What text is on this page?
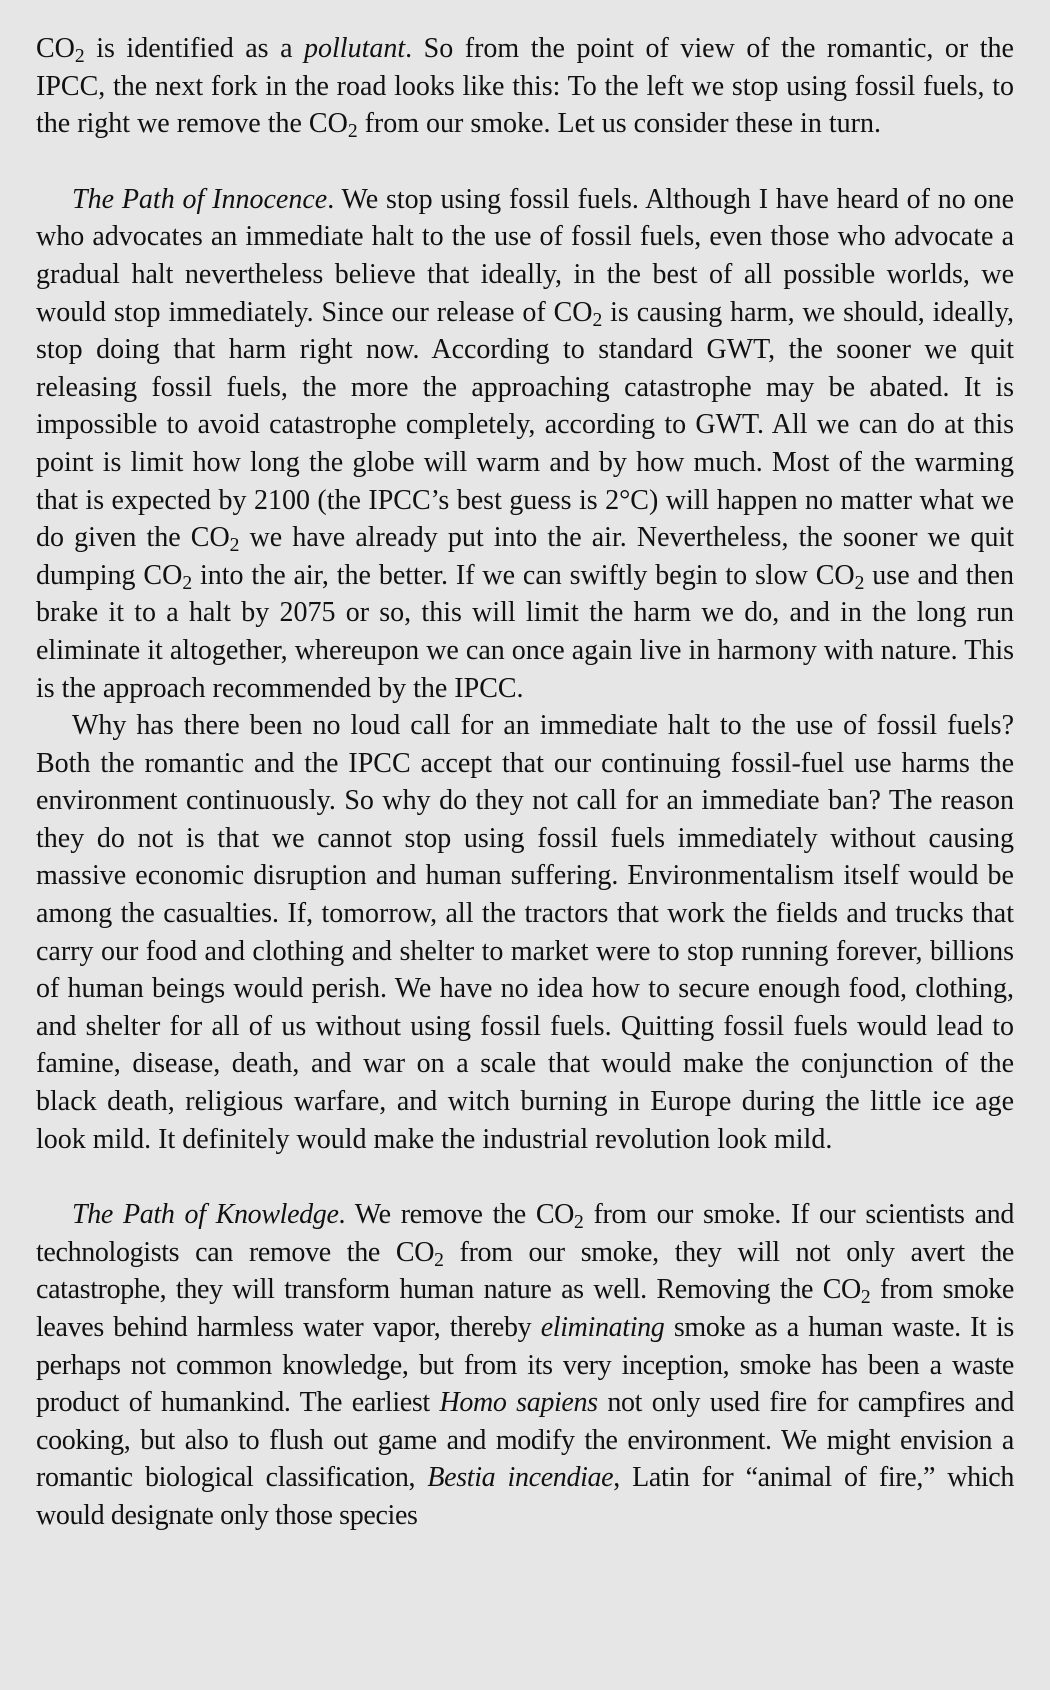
$CO_2$ is identified as a pollutant. So from the point of view of the romantic, or the IPCC, the next fork in the road looks like this: To the left we stop using fossil fuels, to the right we remove the $CO_2$ from our smoke. Let us consider these in turn.

The Path of Innocence. We stop using fossil fuels. Although I have heard of no one who advocates an immediate halt to the use of fossil fuels, even those who advocate a gradual halt nevertheless believe that ideally, in the best of all possible worlds, we would stop immediately. Since our release of $CO_2$ is causing harm, we should, ideally, stop doing that harm right now. According to standard GWT, the sooner we quit releasing fossil fuels, the more the approaching catastrophe may be abated. It is impossible to avoid catastrophe completely, according to GWT. All we can do at this point is limit how long the globe will warm and by how much. Most of the warming that is expected by 2100 (the IPCC’s best guess is 2°C) will happen no matter what we do given the $CO_2$ we have already put into the air. Nevertheless, the sooner we quit dumping $CO_2$ into the air, the better. If we can swiftly begin to slow $CO_2$ use and then brake it to a halt by 2075 or so, this will limit the harm we do, and in the long run eliminate it altogether, whereupon we can once again live in harmony with nature. This is the approach recommended by the IPCC.

Why has there been no loud call for an immediate halt to the use of fossil fuels? Both the romantic and the IPCC accept that our continuing fossil-fuel use harms the environment continuously. So why do they not call for an immediate ban? The reason they do not is that we cannot stop using fossil fuels immediately without causing massive economic disruption and human suffering. Environmentalism itself would be among the casualties. If, tomorrow, all the tractors that work the fields and trucks that carry our food and clothing and shelter to market were to stop running forever, billions of human beings would perish. We have no idea how to secure enough food, clothing, and shelter for all of us without using fossil fuels. Quitting fossil fuels would lead to famine, disease, death, and war on a scale that would make the conjunction of the black death, religious warfare, and witch burning in Europe during the little ice age look mild. It definitely would make the industrial revolution look mild.

The Path of Knowledge. We remove the $CO_2$ from our smoke. If our scientists and technologists can remove the $CO_2$ from our smoke, they will not only avert the catastrophe, they will transform human nature as well. Removing the $CO_2$ from smoke leaves behind harmless water vapor, thereby eliminating smoke as a human waste. It is perhaps not common knowledge, but from its very inception, smoke has been a waste product of humankind. The earliest Homo sapiens not only used fire for campfires and cooking, but also to flush out game and modify the environment. We might envision a romantic biological classification, Bestia incendiae, Latin for “animal of fire,” which would designate only those species
